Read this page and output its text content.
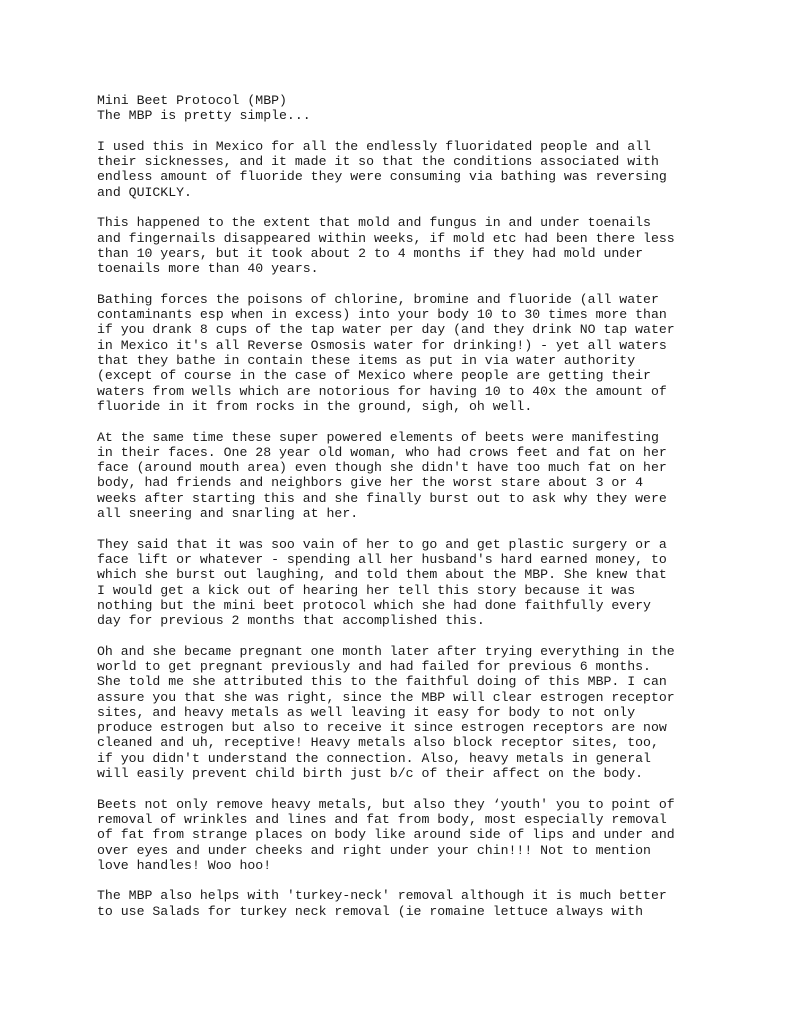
Mini Beet Protocol (MBP)
The MBP is pretty simple...
I used this in Mexico for all the endlessly fluoridated people and all
their sicknesses, and it made it so that the conditions associated with
endless amount of fluoride they were consuming via bathing was reversing
and QUICKLY.
This happened to the extent that mold and fungus in and under toenails
and fingernails disappeared within weeks, if mold etc had been there less
than 10 years, but it took about 2 to 4 months if they had mold under
toenails more than 40 years.
Bathing forces the poisons of chlorine, bromine and fluoride (all water
contaminants esp when in excess) into your body 10 to 30 times more than
if you drank 8 cups of the tap water per day (and they drink NO tap water
in Mexico it's all Reverse Osmosis water for drinking!) - yet all waters
that they bathe in contain these items as put in via water authority
(except of course in the case of Mexico where people are getting their
waters from wells which are notorious for having 10 to 40x the amount of
fluoride in it from rocks in the ground, sigh, oh well.
At the same time these super powered elements of beets were manifesting
in their faces. One 28 year old woman, who had crows feet and fat on her
face (around mouth area) even though she didn't have too much fat on her
body, had friends and neighbors give her the worst stare about 3 or 4
weeks after starting this and she finally burst out to ask why they were
all sneering and snarling at her.
They said that it was soo vain of her to go and get plastic surgery or a
face lift or whatever - spending all her husband's hard earned money, to
which she burst out laughing, and told them about the MBP. She knew that
I would get a kick out of hearing her tell this story because it was
nothing but the mini beet protocol which she had done faithfully every
day for previous 2 months that accomplished this.
Oh and she became pregnant one month later after trying everything in the
world to get pregnant previously and had failed for previous 6 months.
She told me she attributed this to the faithful doing of this MBP. I can
assure you that she was right, since the MBP will clear estrogen receptor
sites, and heavy metals as well leaving it easy for body to not only
produce estrogen but also to receive it since estrogen receptors are now
cleaned and uh, receptive! Heavy metals also block receptor sites, too,
if you didn't understand the connection. Also, heavy metals in general
will easily prevent child birth just b/c of their affect on the body.
Beets not only remove heavy metals, but also they ‘youth' you to point of
removal of wrinkles and lines and fat from body, most especially removal
of fat from strange places on body like around side of lips and under and
over eyes and under cheeks and right under your chin!!! Not to mention
love handles! Woo hoo!
The MBP also helps with 'turkey-neck' removal although it is much better
to use Salads for turkey neck removal (ie romaine lettuce always with
